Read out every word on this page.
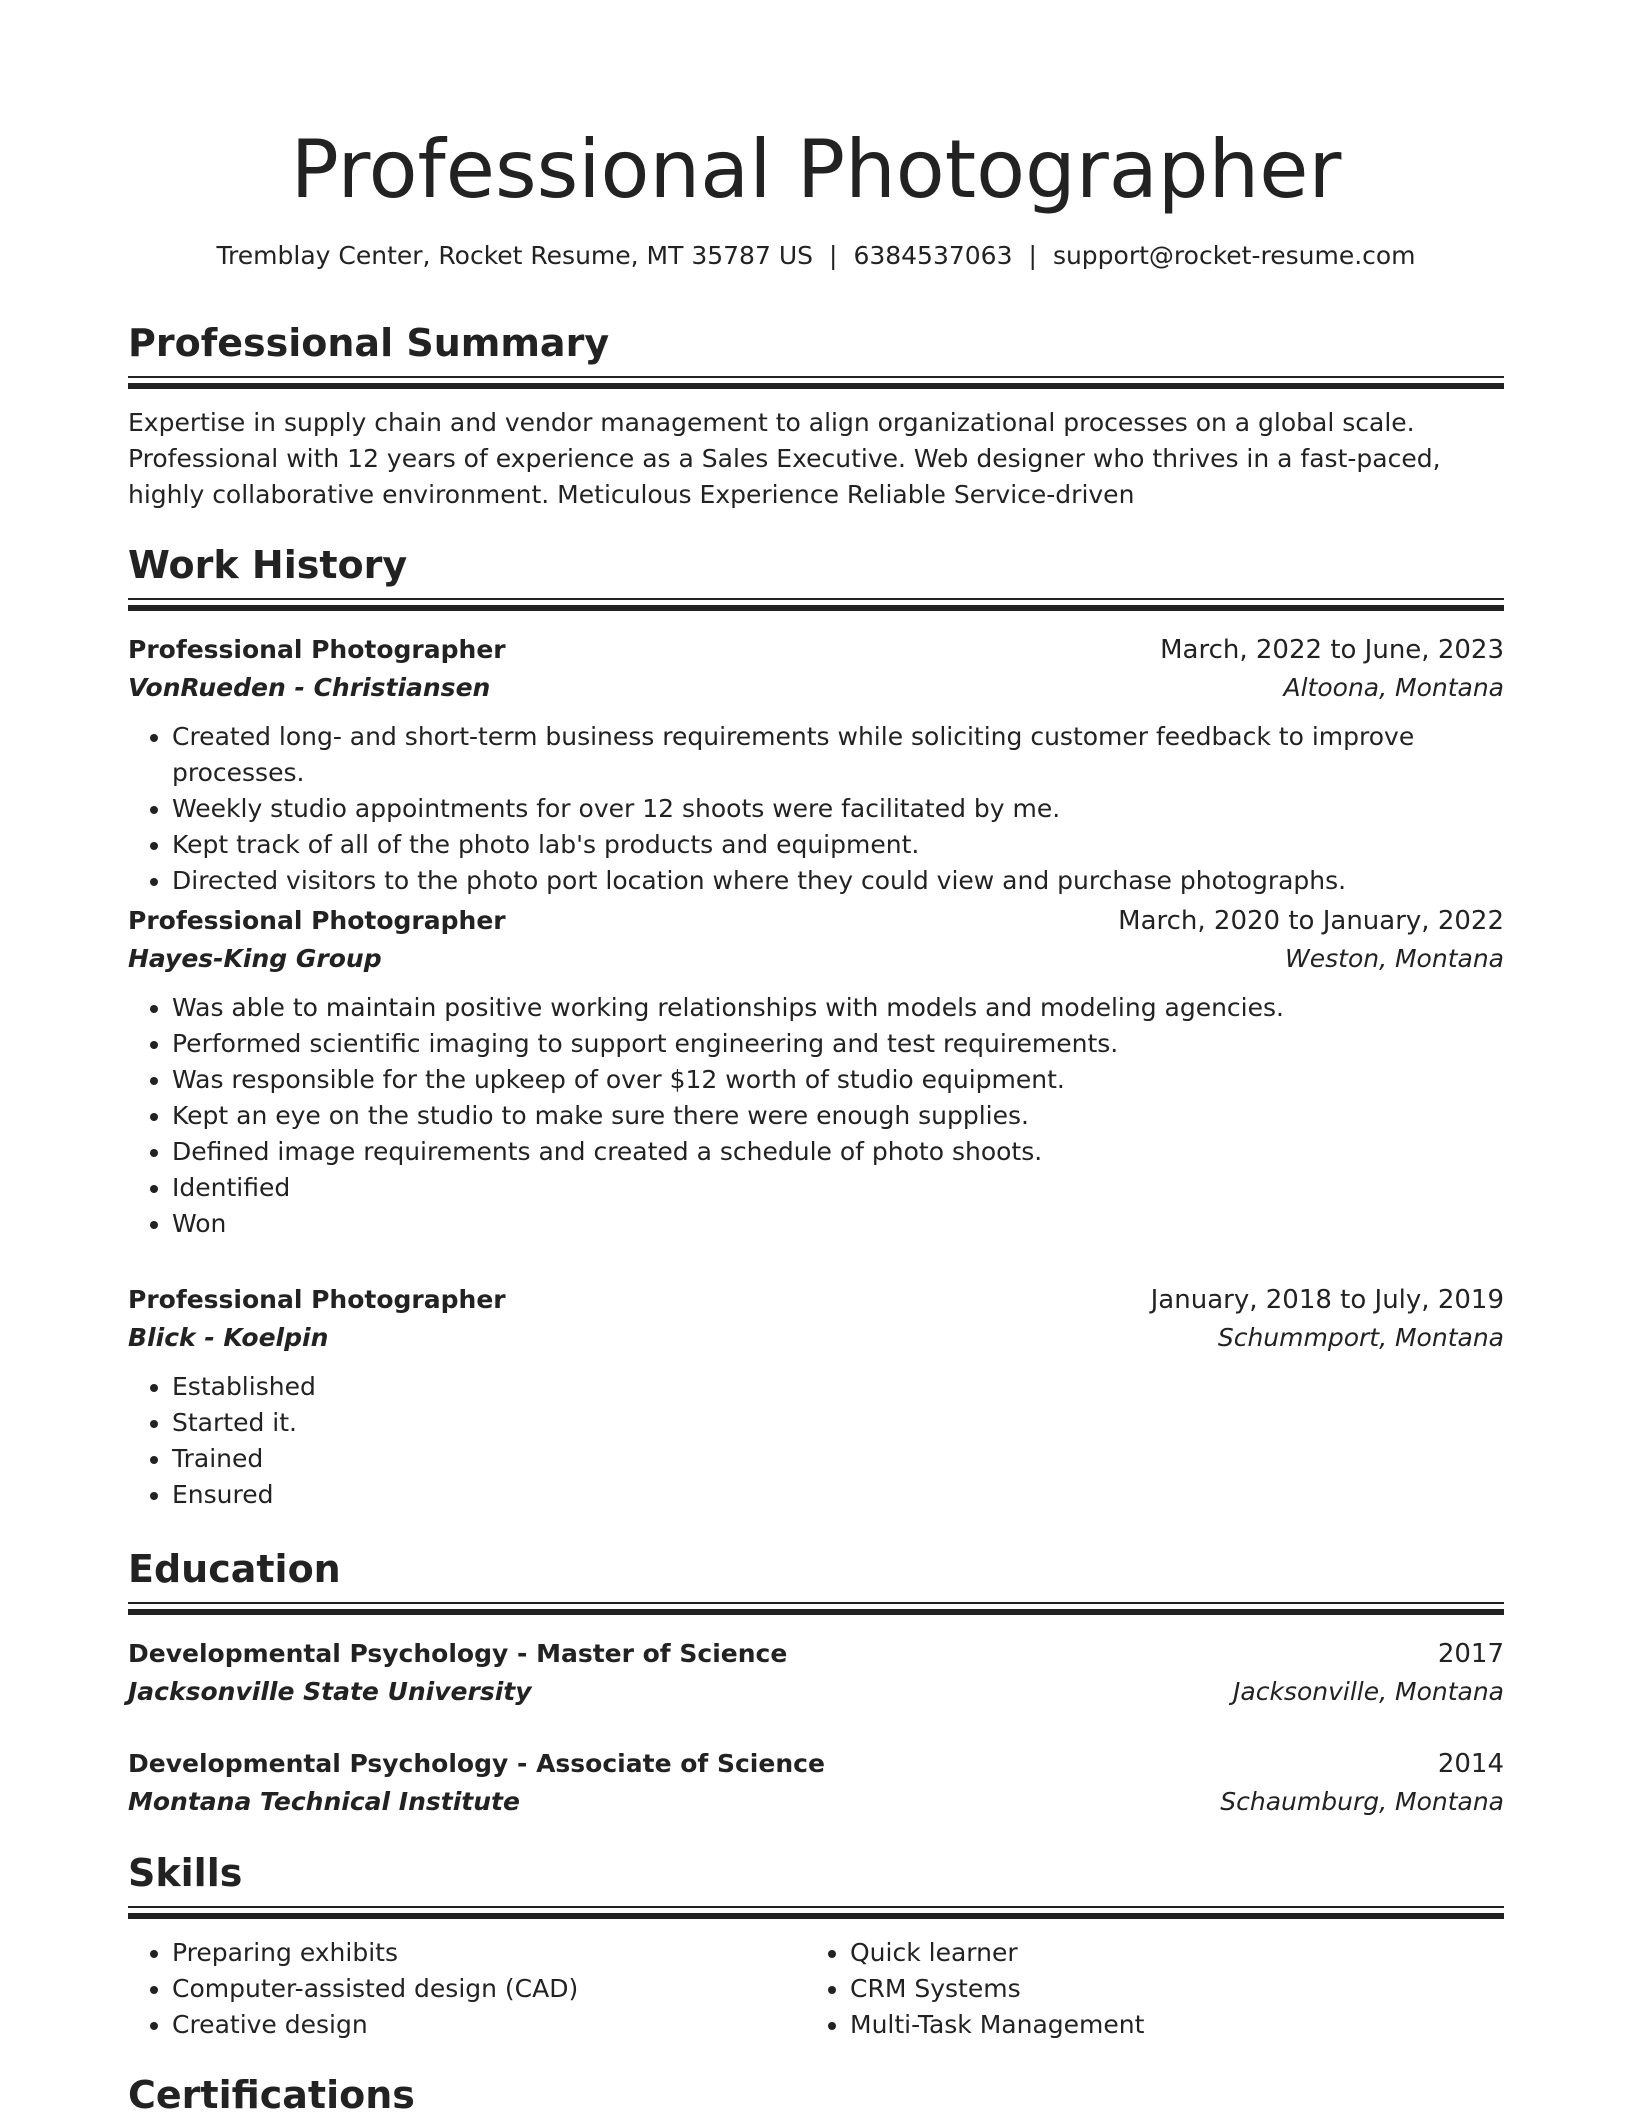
Professional Photographer
Tremblay Center, Rocket Resume, MT 35787 US | 6384537063 | support@rocket-resume.com
Professional Summary
Expertise in supply chain and vendor management to align organizational processes on a global scale. Professional with 12 years of experience as a Sales Executive. Web designer who thrives in a fast-paced, highly collaborative environment. Meticulous Experience Reliable Service-driven
Work History
Professional Photographer	March, 2022 to June, 2023
VonRueden - Christiansen	Altoona, Montana
• Created long- and short-term business requirements while soliciting customer feedback to improve processes.
• Weekly studio appointments for over 12 shoots were facilitated by me.
• Kept track of all of the photo lab's products and equipment.
• Directed visitors to the photo port location where they could view and purchase photographs.
Professional Photographer	March, 2020 to January, 2022
Hayes-King Group	Weston, Montana
• Was able to maintain positive working relationships with models and modeling agencies.
• Performed scientific imaging to support engineering and test requirements.
• Was responsible for the upkeep of over $12 worth of studio equipment.
• Kept an eye on the studio to make sure there were enough supplies.
• Defined image requirements and created a schedule of photo shoots.
• Identified
• Won
Professional Photographer	January, 2018 to July, 2019
Blick - Koelpin	Schummport, Montana
• Established
• Started it.
• Trained
• Ensured
Education
Developmental Psychology - Master of Science	2017
Jacksonville State University	Jacksonville, Montana
Developmental Psychology - Associate of Science	2014
Montana Technical Institute	Schaumburg, Montana
Skills
• Preparing exhibits
• Computer-assisted design (CAD)
• Creative design
• Quick learner
• CRM Systems
• Multi-Task Management
Certifications
